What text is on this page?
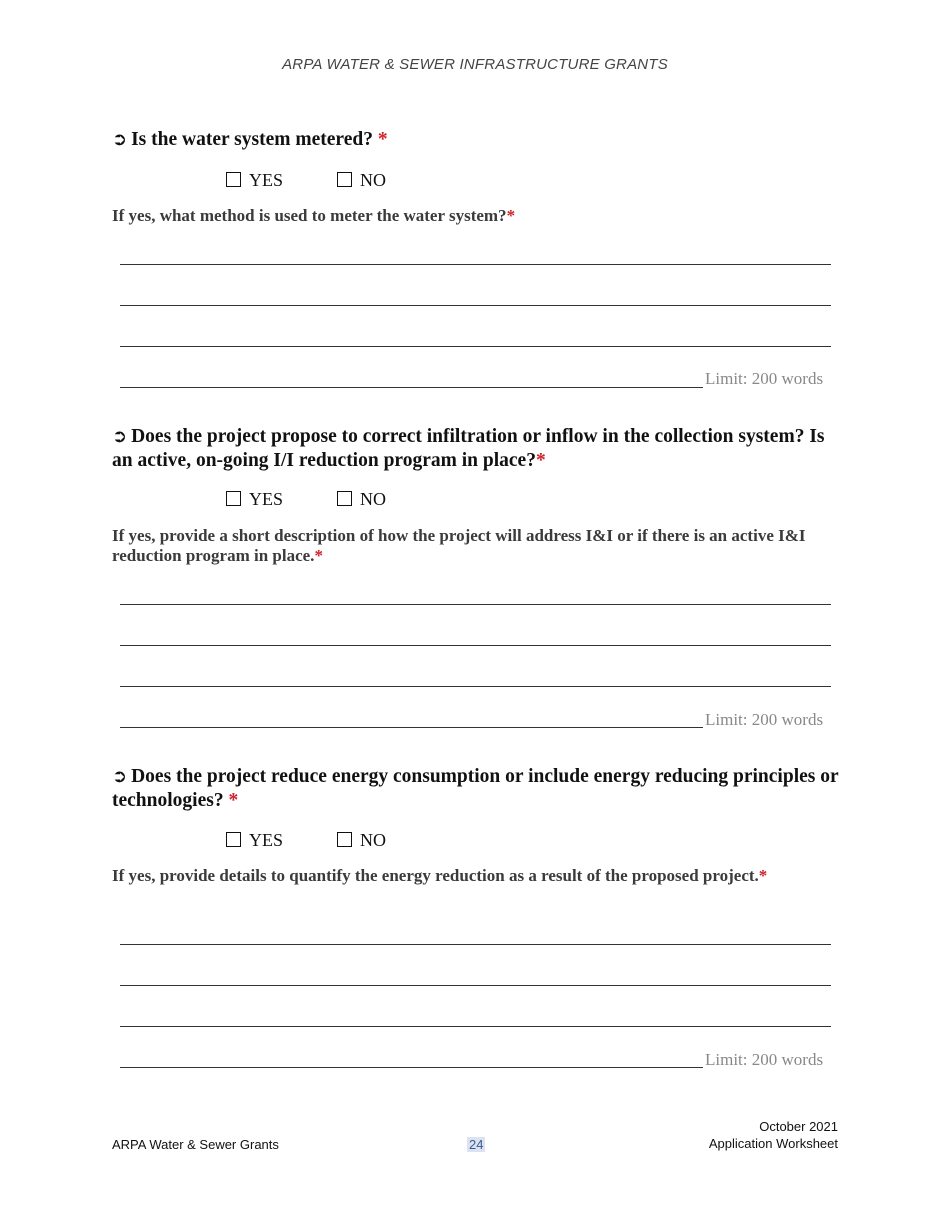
ARPA WATER & SEWER INFRASTRUCTURE GRANTS
➲ Is the water system metered? *
YES	NO
If yes, what method is used to meter the water system?*
Limit: 200 words
➲ Does the project propose to correct infiltration or inflow in the collection system? Is an active, on-going I/I reduction program in place?*
YES	NO
If yes, provide a short description of how the project will address I&I or if there is an active I&I reduction program in place.*
Limit: 200 words
➲ Does the project reduce energy consumption or include energy reducing principles or technologies? *
YES	NO
If yes, provide details to quantify the energy reduction as a result of the proposed project.*
Limit: 200 words
ARPA Water & Sewer Grants	24
October 2021
Application Worksheet
